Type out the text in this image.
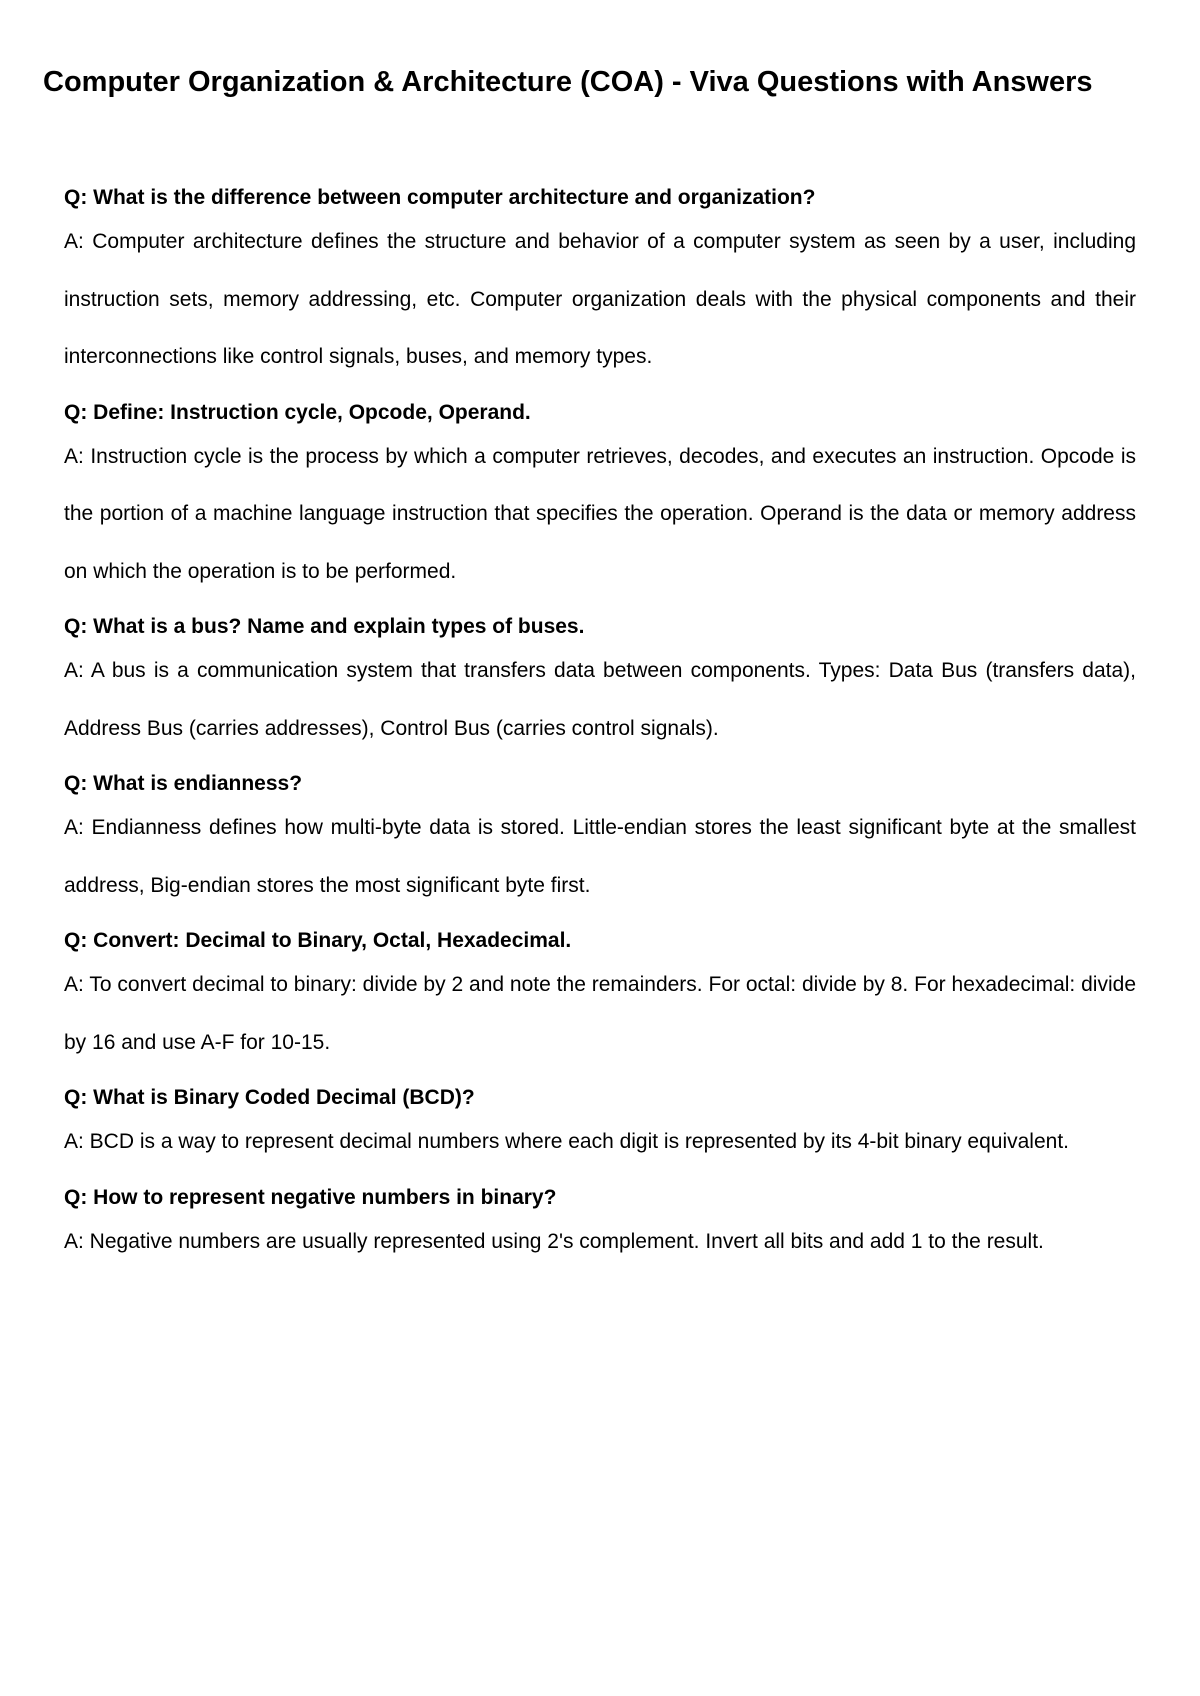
Computer Organization & Architecture (COA) - Viva Questions with Answers

Q: What is the difference between computer architecture and organization?

A: Computer architecture defines the structure and behavior of a computer system as seen by a user, including instruction sets, memory addressing, etc. Computer organization deals with the physical components and their interconnections like control signals, buses, and memory types.

Q: Define: Instruction cycle, Opcode, Operand.

A: Instruction cycle is the process by which a computer retrieves, decodes, and executes an instruction. Opcode is the portion of a machine language instruction that specifies the operation. Operand is the data or memory address on which the operation is to be performed.

Q: What is a bus? Name and explain types of buses.

A: A bus is a communication system that transfers data between components. Types: Data Bus (transfers data), Address Bus (carries addresses), Control Bus (carries control signals).

Q: What is endianness?

A: Endianness defines how multi-byte data is stored. Little-endian stores the least significant byte at the smallest address, Big-endian stores the most significant byte first.

Q: Convert: Decimal to Binary, Octal, Hexadecimal.

A: To convert decimal to binary: divide by 2 and note the remainders. For octal: divide by 8. For hexadecimal: divide by 16 and use A-F for 10-15.

Q: What is Binary Coded Decimal (BCD)?

A: BCD is a way to represent decimal numbers where each digit is represented by its 4-bit binary equivalent.

Q: How to represent negative numbers in binary?

A: Negative numbers are usually represented using 2's complement. Invert all bits and add 1 to the result.
